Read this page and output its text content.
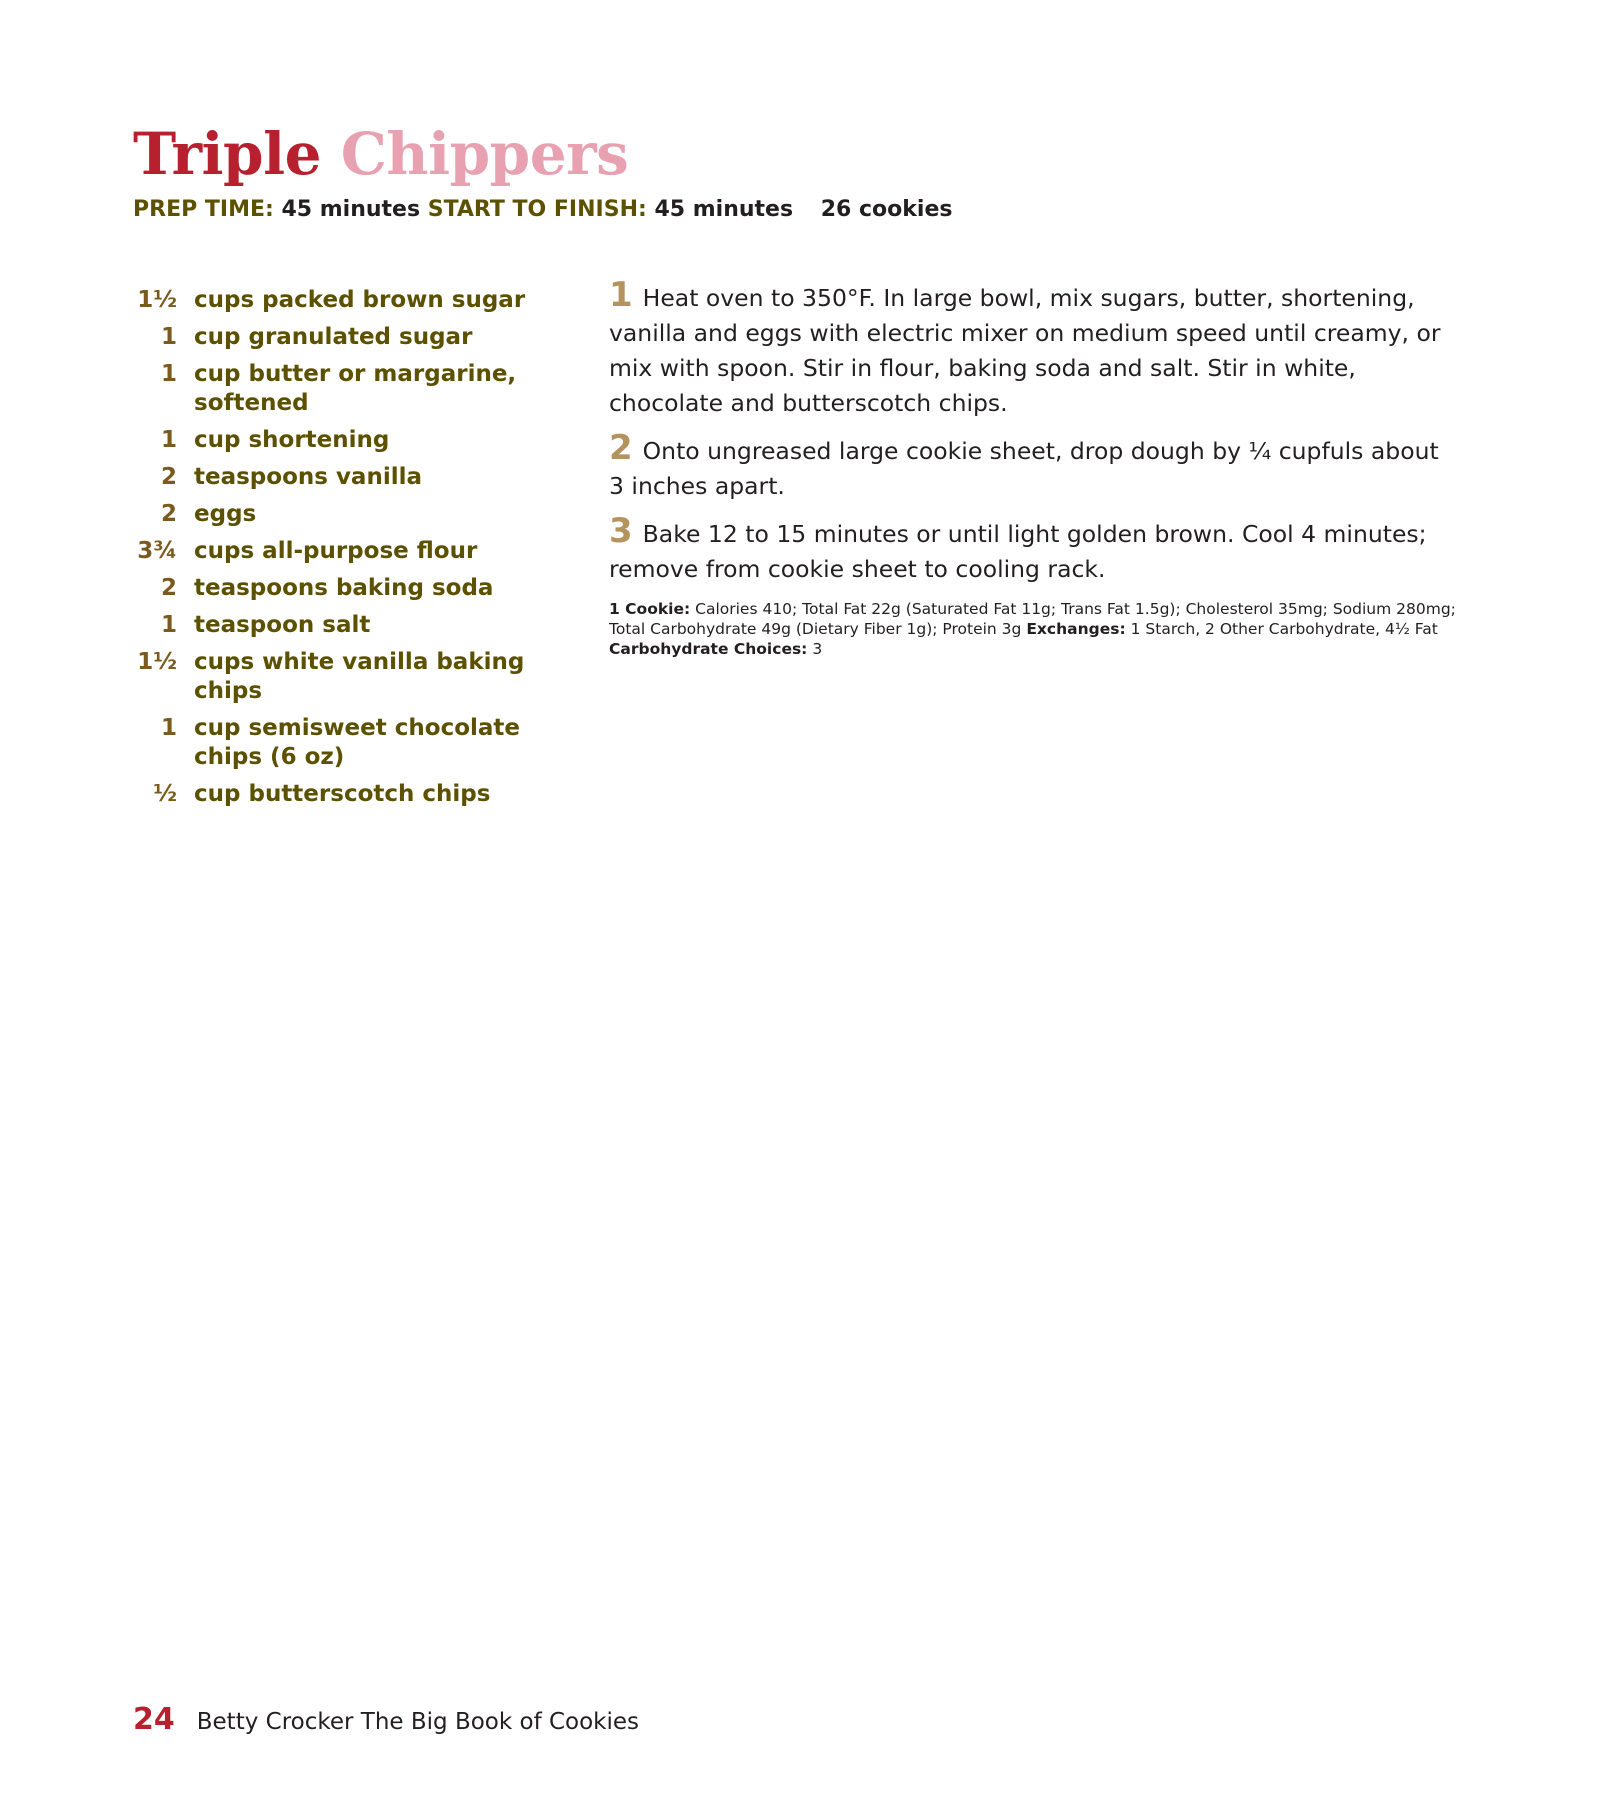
Triple Chippers
PREP TIME: 45 minutes START TO FINISH: 45 minutes 26 cookies
1½ cups packed brown sugar
1 cup granulated sugar
1 cup butter or margarine, softened
1 cup shortening
2 teaspoons vanilla
2 eggs
3¾ cups all-purpose flour
2 teaspoons baking soda
1 teaspoon salt
1½ cups white vanilla baking chips
1 cup semisweet chocolate chips (6 oz)
½ cup butterscotch chips

1 Heat oven to 350°F. In large bowl, mix sugars, butter, shortening, vanilla and eggs with electric mixer on medium speed until creamy, or mix with spoon. Stir in flour, baking soda and salt. Stir in white, chocolate and butterscotch chips.

2 Onto ungreased large cookie sheet, drop dough by ¼ cupfuls about 3 inches apart.

3 Bake 12 to 15 minutes or until light golden brown. Cool 4 minutes; remove from cookie sheet to cooling rack.

1 Cookie: Calories 410; Total Fat 22g (Saturated Fat 11g; Trans Fat 1.5g); Cholesterol 35mg; Sodium 280mg; Total Carbohydrate 49g (Dietary Fiber 1g); Protein 3g Exchanges: 1 Starch, 2 Other Carbohydrate, 4½ Fat
Carbohydrate Choices: 3
24 Betty Crocker The Big Book of Cookies
